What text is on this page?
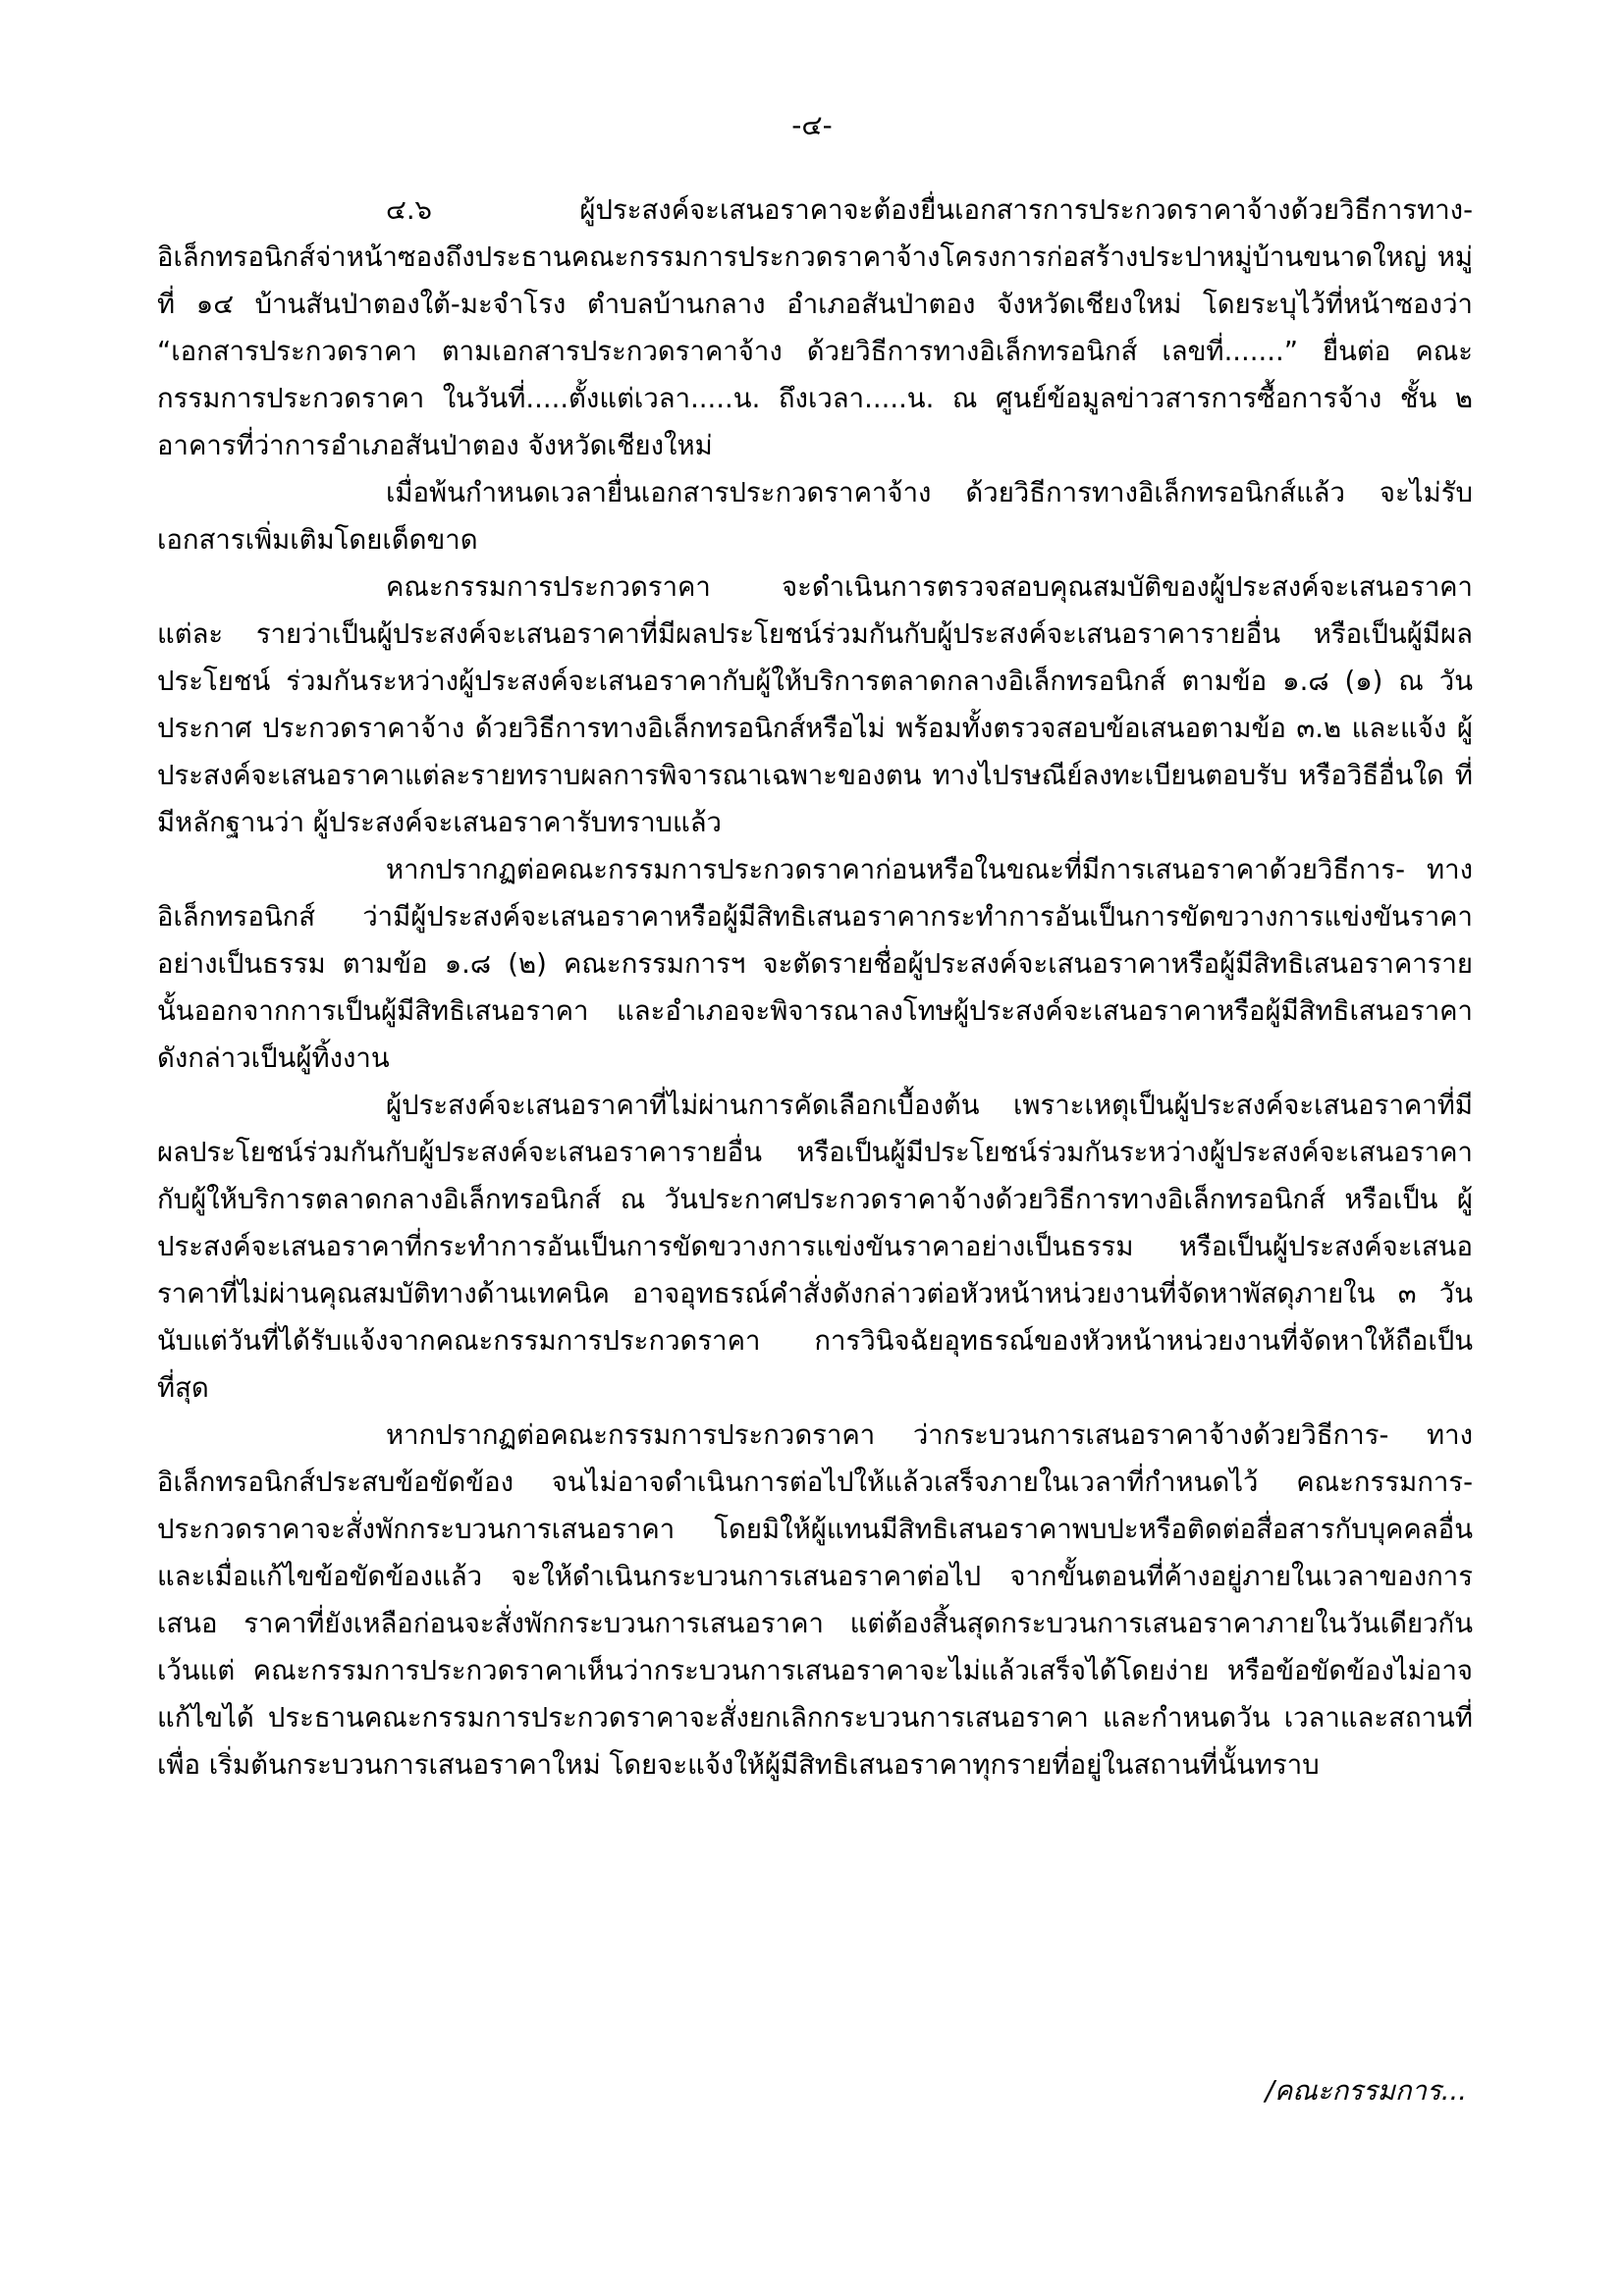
-๔-

๔.๖ ผู้ประสงค์จะเสนอราคาจะต้องยื่นเอกสารการประกวดราคาจ้างด้วยวิธีการทาง- อิเล็กทรอนิกส์จ่าหน้าซองถึงประธานคณะกรรมการประกวดราคาจ้างโครงการก่อสร้างประปาหมู่บ้านขนาดใหญ่ หมู่ที่ ๑๔ บ้านสันป่าตองใต้-มะจำโรง ตำบลบ้านกลาง อำเภอสันป่าตอง จังหวัดเชียงใหม่ โดยระบุไว้ที่หน้าซองว่า “เอกสารประกวดราคา ตามเอกสารประกวดราคาจ้าง ด้วยวิธีการทางอิเล็กทรอนิกส์ เลขที่.......” ยื่นต่อ คณะกรรมการประกวดราคา ในวันที่.....ตั้งแต่เวลา.....น. ถึงเวลา.....น. ณ ศูนย์ข้อมูลข่าวสารการซื้อการจ้าง ชั้น ๒ อาคารที่ว่าการอำเภอสันป่าตอง จังหวัดเชียงใหม่

เมื่อพ้นกำหนดเวลายื่นเอกสารประกวดราคาจ้าง ด้วยวิธีการทางอิเล็กทรอนิกส์แล้ว จะไม่รับ เอกสารเพิ่มเติมโดยเด็ดขาด

คณะกรรมการประกวดราคา จะดำเนินการตรวจสอบคุณสมบัติของผู้ประสงค์จะเสนอราคาแต่ละ รายว่าเป็นผู้ประสงค์จะเสนอราคาที่มีผลประโยชน์ร่วมกันกับผู้ประสงค์จะเสนอราคารายอื่น หรือเป็นผู้มีผลประโยชน์ ร่วมกันระหว่างผู้ประสงค์จะเสนอราคากับผู้ให้บริการตลาดกลางอิเล็กทรอนิกส์ ตามข้อ ๑.๘ (๑) ณ วันประกาศ ประกวดราคาจ้าง ด้วยวิธีการทางอิเล็กทรอนิกส์หรือไม่ พร้อมทั้งตรวจสอบข้อเสนอตามข้อ ๓.๒ และแจ้ง ผู้ประสงค์จะเสนอราคาแต่ละรายทราบผลการพิจารณาเฉพาะของตน ทางไปรษณีย์ลงทะเบียนตอบรับ หรือวิธีอื่นใด ที่มีหลักฐานว่า ผู้ประสงค์จะเสนอราคารับทราบแล้ว

หากปรากฏต่อคณะกรรมการประกวดราคาก่อนหรือในขณะที่มีการเสนอราคาด้วยวิธีการ- ทางอิเล็กทรอนิกส์ ว่ามีผู้ประสงค์จะเสนอราคาหรือผู้มีสิทธิเสนอราคากระทำการอันเป็นการขัดขวางการแข่งขันราคา อย่างเป็นธรรม ตามข้อ ๑.๘ (๒) คณะกรรมการฯ จะตัดรายชื่อผู้ประสงค์จะเสนอราคาหรือผู้มีสิทธิเสนอราคาราย นั้นออกจากการเป็นผู้มีสิทธิเสนอราคา และอำเภอจะพิจารณาลงโทษผู้ประสงค์จะเสนอราคาหรือผู้มีสิทธิเสนอราคา ดังกล่าวเป็นผู้ทิ้งงาน

ผู้ประสงค์จะเสนอราคาที่ไม่ผ่านการคัดเลือกเบื้องต้น เพราะเหตุเป็นผู้ประสงค์จะเสนอราคาที่มี ผลประโยชน์ร่วมกันกับผู้ประสงค์จะเสนอราคารายอื่น หรือเป็นผู้มีประโยชน์ร่วมกันระหว่างผู้ประสงค์จะเสนอราคา กับผู้ให้บริการตลาดกลางอิเล็กทรอนิกส์ ณ วันประกาศประกวดราคาจ้างด้วยวิธีการทางอิเล็กทรอนิกส์ หรือเป็น ผู้ประสงค์จะเสนอราคาที่กระทำการอันเป็นการขัดขวางการแข่งขันราคาอย่างเป็นธรรม หรือเป็นผู้ประสงค์จะเสนอ ราคาที่ไม่ผ่านคุณสมบัติทางด้านเทคนิค อาจอุทธรณ์คำสั่งดังกล่าวต่อหัวหน้าหน่วยงานที่จัดหาพัสดุภายใน ๓ วัน นับแต่วันที่ได้รับแจ้งจากคณะกรรมการประกวดราคา การวินิจฉัยอุทธรณ์ของหัวหน้าหน่วยงานที่จัดหาให้ถือเป็น ที่สุด

หากปรากฏต่อคณะกรรมการประกวดราคา ว่ากระบวนการเสนอราคาจ้างด้วยวิธีการ- ทางอิเล็กทรอนิกส์ประสบข้อขัดข้อง จนไม่อาจดำเนินการต่อไปให้แล้วเสร็จภายในเวลาที่กำหนดไว้ คณะกรรมการ- ประกวดราคาจะสั่งพักกระบวนการเสนอราคา โดยมิให้ผู้แทนมีสิทธิเสนอราคาพบปะหรือติดต่อสื่อสารกับบุคคลอื่น และเมื่อแก้ไขข้อขัดข้องแล้ว จะให้ดำเนินกระบวนการเสนอราคาต่อไป จากขั้นตอนที่ค้างอยู่ภายในเวลาของการเสนอ ราคาที่ยังเหลือก่อนจะสั่งพักกระบวนการเสนอราคา แต่ต้องสิ้นสุดกระบวนการเสนอราคาภายในวันเดียวกัน เว้นแต่ คณะกรรมการประกวดราคาเห็นว่ากระบวนการเสนอราคาจะไม่แล้วเสร็จได้โดยง่าย หรือข้อขัดข้องไม่อาจแก้ไขได้ ประธานคณะกรรมการประกวดราคาจะสั่งยกเลิกกระบวนการเสนอราคา และกำหนดวัน เวลาและสถานที่ เพื่อ เริ่มต้นกระบวนการเสนอราคาใหม่ โดยจะแจ้งให้ผู้มีสิทธิเสนอราคาทุกรายที่อยู่ในสถานที่นั้นทราบ

/คณะกรรมการ...
